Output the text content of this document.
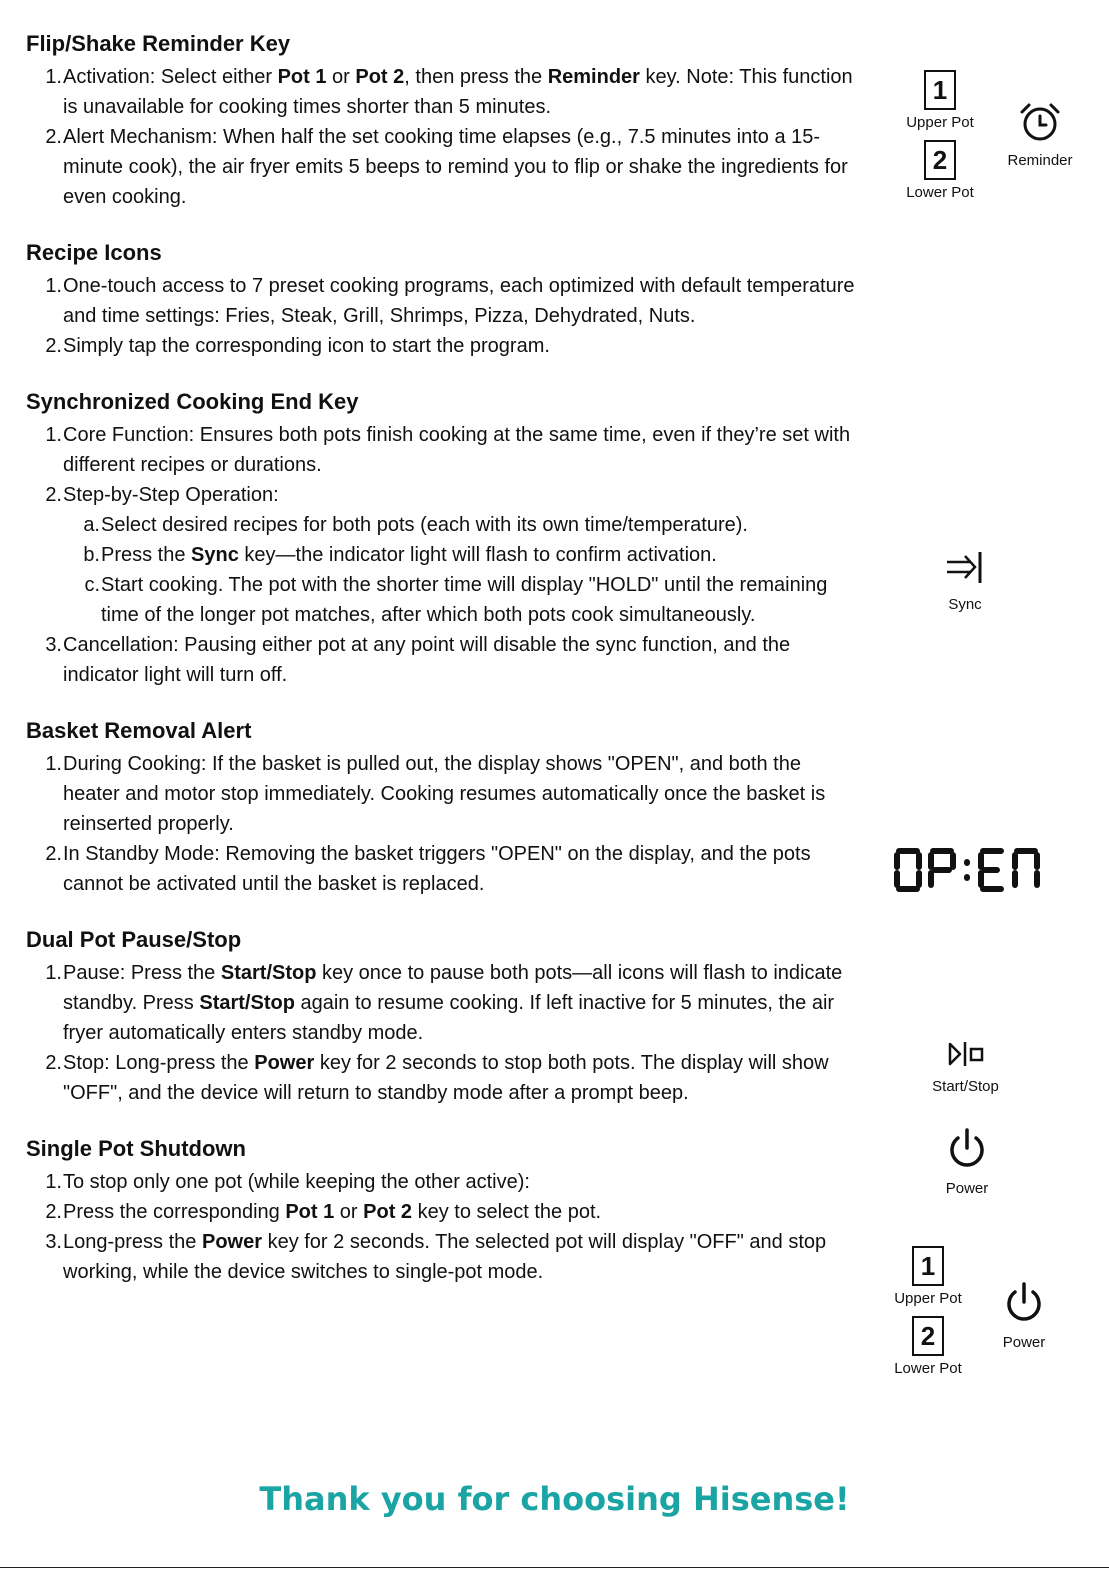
Flip/Shake Reminder Key
1. Activation: Select either Pot 1 or Pot 2, then press the Reminder key. Note: This function is unavailable for cooking times shorter than 5 minutes.
2. Alert Mechanism: When half the set cooking time elapses (e.g., 7.5 minutes into a 15-minute cook), the air fryer emits 5 beeps to remind you to flip or shake the ingredients for even cooking.
Recipe Icons
1. One-touch access to 7 preset cooking programs, each optimized with default temperature and time settings: Fries, Steak, Grill, Shrimps, Pizza, Dehydrated, Nuts.
2. Simply tap the corresponding icon to start the program.
Synchronized Cooking End Key
1. Core Function: Ensures both pots finish cooking at the same time, even if they’re set with different recipes or durations.
2. Step-by-Step Operation:
a. Select desired recipes for both pots (each with its own time/temperature).
b. Press the Sync key—the indicator light will flash to confirm activation.
c. Start cooking. The pot with the shorter time will display "HOLD" until the remaining time of the longer pot matches, after which both pots cook simultaneously.
3. Cancellation: Pausing either pot at any point will disable the sync function, and the indicator light will turn off.
Basket Removal Alert
1. During Cooking: If the basket is pulled out, the display shows "OPEN", and both the heater and motor stop immediately. Cooking resumes automatically once the basket is reinserted properly.
2. In Standby Mode: Removing the basket triggers "OPEN" on the display, and the pots cannot be activated until the basket is replaced.
Dual Pot Pause/Stop
1. Pause: Press the Start/Stop key once to pause both pots—all icons will flash to indicate standby. Press Start/Stop again to resume cooking. If left inactive for 5 minutes, the air fryer automatically enters standby mode.
2. Stop: Long-press the Power key for 2 seconds to stop both pots. The display will show "OFF", and the device will return to standby mode after a prompt beep.
Single Pot Shutdown
1. To stop only one pot (while keeping the other active):
2. Press the corresponding Pot 1 or Pot 2 key to select the pot.
3. Long-press the Power key for 2 seconds. The selected pot will display "OFF" and stop working, while the device switches to single-pot mode.
1
Upper Pot
2
Lower Pot
Reminder
Sync
Start/Stop
Power
1
Upper Pot
2
Lower Pot
Power
Thank you for choosing Hisense!
